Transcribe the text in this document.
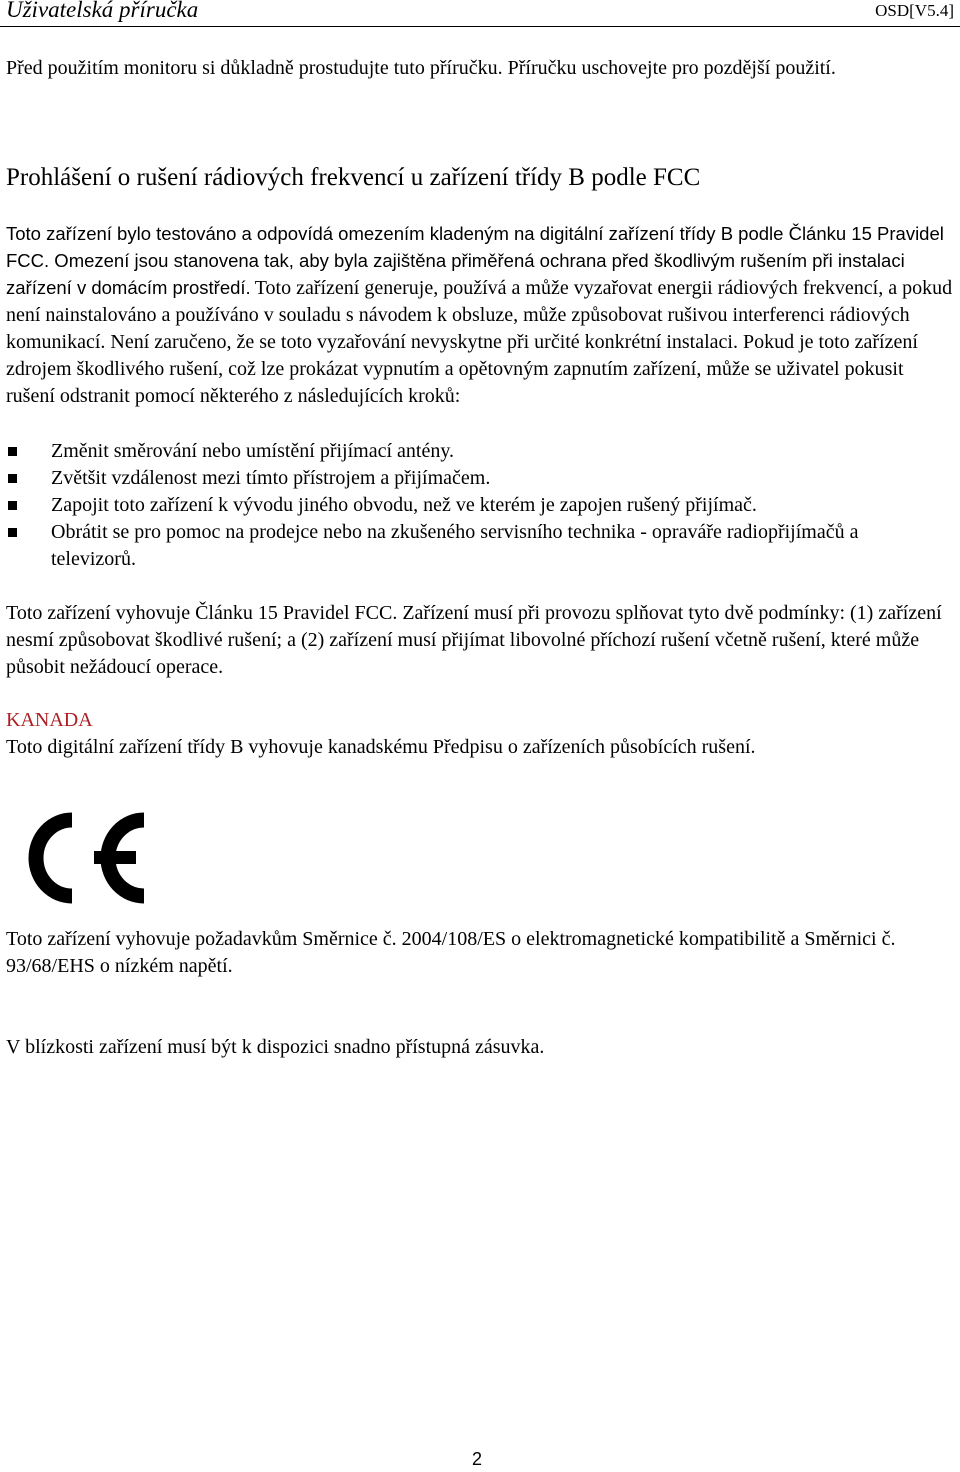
Uživatelská příručka	OSD[V5.4]

Před použitím monitoru si důkladně prostudujte tuto příručku. Příručku uschovejte pro pozdější použití.

Prohlášení o rušení rádiových frekvencí u zařízení třídy B podle FCC

Toto zařízení bylo testováno a odpovídá omezením kladeným na digitální zařízení třídy B podle Článku 15 Pravidel FCC. Omezení jsou stanovena tak, aby byla zajištěna přiměřená ochrana před škodlivým rušením při instalaci zařízení v domácím prostředí. Toto zařízení generuje, používá a může vyzařovat energii rádiových frekvencí, a pokud není nainstalováno a používáno v souladu s návodem k obsluze, může způsobovat rušivou interferenci rádiových komunikací. Není zaručeno, že se toto vyzařování nevyskytne při určité konkrétní instalaci. Pokud je toto zařízení zdrojem škodlivého rušení, což lze prokázat vypnutím a opětovným zapnutím zařízení, může se uživatel pokusit rušení odstranit pomocí některého z následujících kroků:

Změnit směrování nebo umístění přijímací antény.
Zvětšit vzdálenost mezi tímto přístrojem a přijímačem.
Zapojit toto zařízení k vývodu jiného obvodu, než ve kterém je zapojen rušený přijímač.
Obrátit se pro pomoc na prodejce nebo na zkušeného servisního technika - opraváře radiopřijímačů a televizorů.

Toto zařízení vyhovuje Článku 15 Pravidel FCC. Zařízení musí při provozu splňovat tyto dvě podmínky: (1) zařízení nesmí způsobovat škodlivé rušení; a (2) zařízení musí přijímat libovolné příchozí rušení včetně rušení, které může působit nežádoucí operace.

KANADA

Toto digitální zařízení třídy B vyhovuje kanadskému Předpisu o zařízeních působících rušení.

Toto zařízení vyhovuje požadavkům Směrnice č. 2004/108/ES o elektromagnetické kompatibilitě a Směrnici č. 93/68/EHS o nízkém napětí.

V blízkosti zařízení musí být k dispozici snadno přístupná zásuvka.

2
